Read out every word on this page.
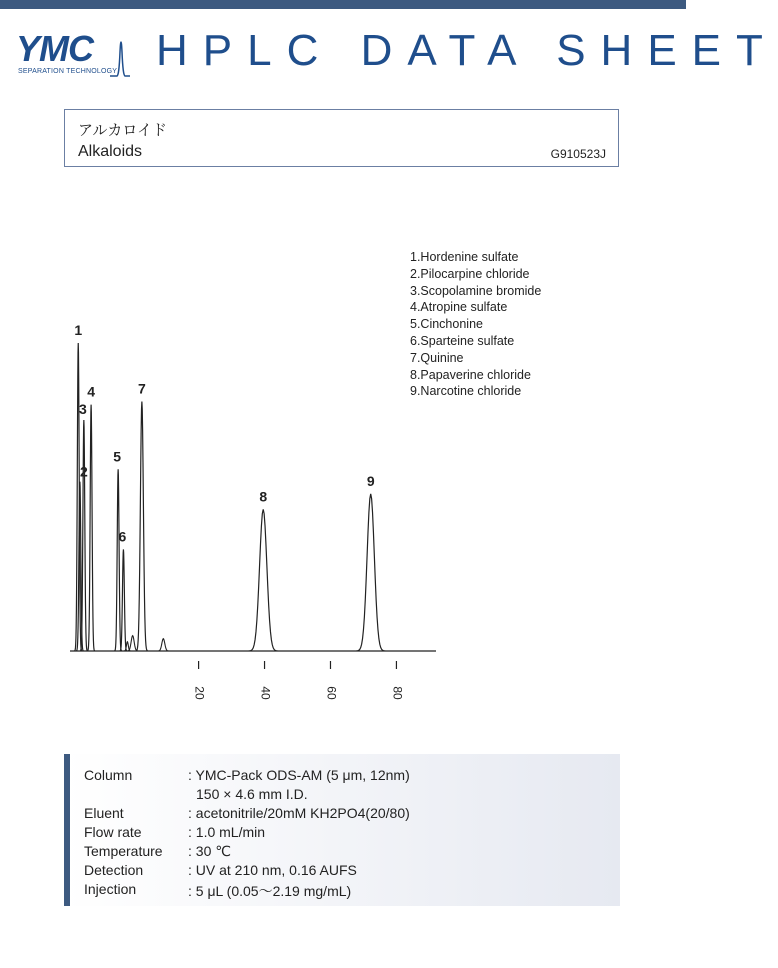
YMC
SEPARATION TECHNOLOGY HPLC DATA SHEET
アルカロイド
Alkaloids	G910523J
1.Hordenine sulfate
2.Pilocarpine chloride
3.Scopolamine bromide
4.Atropine sulfate
5.Cinchonine
6.Sparteine sulfate
7.Quinine
8.Papaverine chloride
9.Narcotine chloride
1
2
3
4
5
6
7
8
9
20	40	60	80
Column	: YMC-Pack ODS-AM (5 μm, 12nm)
150 × 4.6 mm I.D.
Eluent	: acetonitrile/20mM KH2PO4(20/80)
Flow rate	: 1.0 mL/min
Temperature : 30 ℃
Detection	: UV at 210 nm, 0.16 AUFS
Injection	: 5 μL (0.05～2.19 mg/mL)
